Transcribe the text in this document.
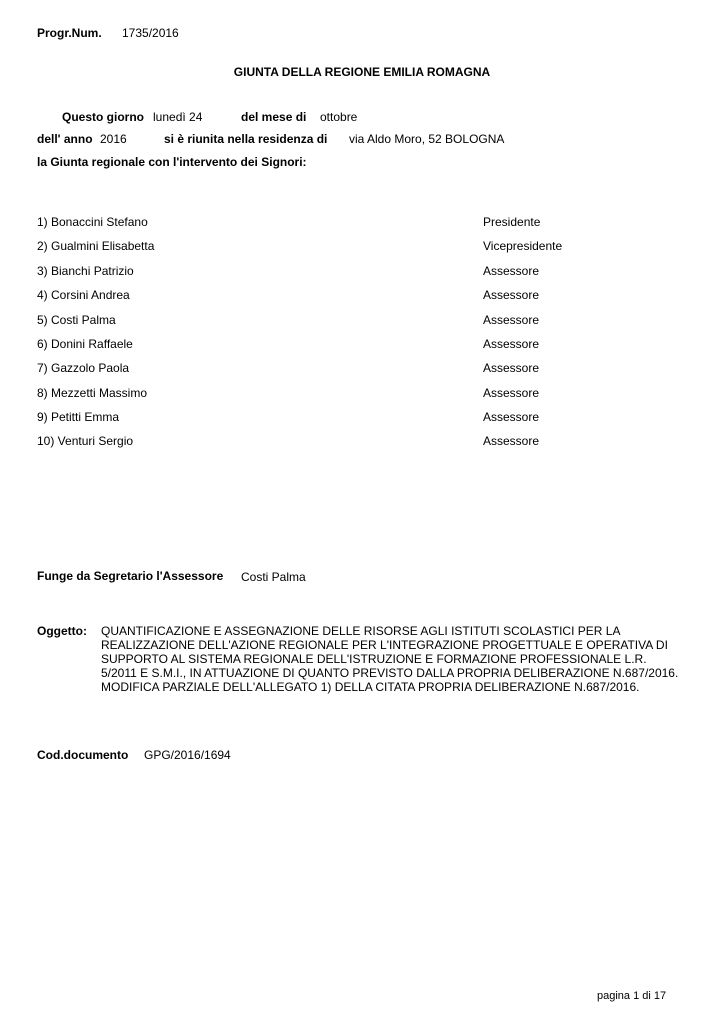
Progr.Num. 1735/2016
GIUNTA DELLA REGIONE EMILIA ROMAGNA
Questo giorno lunedì 24	del mese di ottobre
dell' anno 2016	si è riunita nella residenza di via Aldo Moro, 52 BOLOGNA
la Giunta regionale con l'intervento dei Signori:
1) Bonaccini Stefano	Presidente
2) Gualmini Elisabetta	Vicepresidente
3) Bianchi Patrizio	Assessore
4) Corsini Andrea	Assessore
5) Costi Palma	Assessore
6) Donini Raffaele	Assessore
7) Gazzolo Paola	Assessore
8) Mezzetti Massimo	Assessore
9) Petitti Emma	Assessore
10) Venturi Sergio	Assessore
Funge da Segretario l'Assessore Costi Palma
Oggetto: QUANTIFICAZIONE E ASSEGNAZIONE DELLE RISORSE AGLI ISTITUTI SCOLASTICI PER LA REALIZZAZIONE DELL'AZIONE REGIONALE PER L'INTEGRAZIONE PROGETTUALE E OPERATIVA DI SUPPORTO AL SISTEMA REGIONALE DELL'ISTRUZIONE E FORMAZIONE PROFESSIONALE L.R. 5/2011 E S.M.I., IN ATTUAZIONE DI QUANTO PREVISTO DALLA PROPRIA DELIBERAZIONE N.687/2016. MODIFICA PARZIALE DELL'ALLEGATO 1) DELLA CITATA PROPRIA DELIBERAZIONE N.687/2016.
Cod.documento GPG/2016/1694
pagina 1 di 17
